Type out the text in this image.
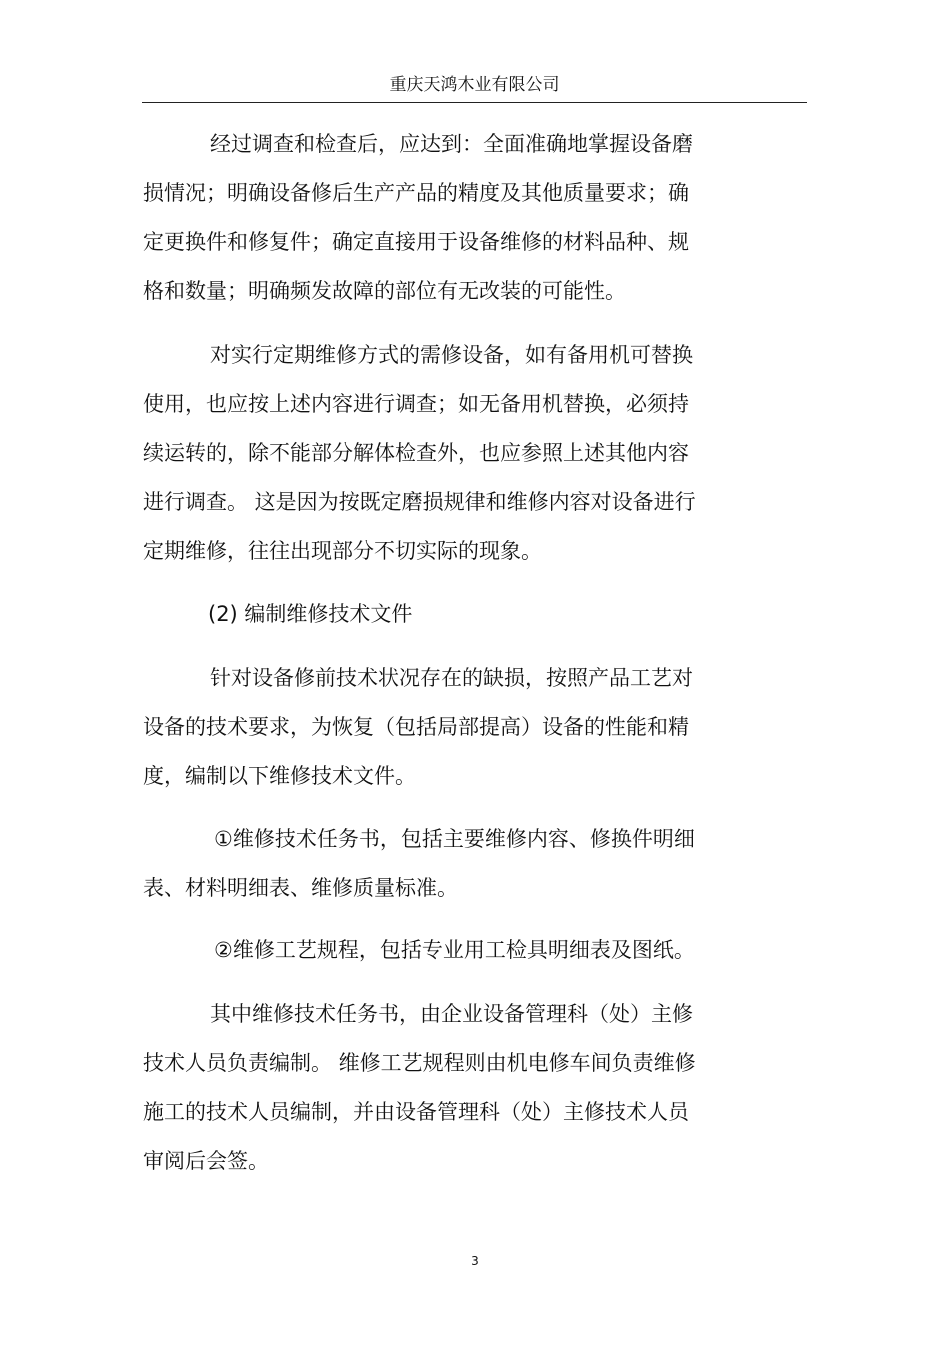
重庆天鸿木业有限公司

经过调查和检查后，应达到：全面准确地掌握设备磨
损情况；明确设备修后生产产品的精度及其他质量要求；确
定更换件和修复件；确定直接用于设备维修的材料品种、规
格和数量；明确频发故障的部位有无改装的可能性。

对实行定期维修方式的需修设备，如有备用机可替换
使用，也应按上述内容进行调查；如无备用机替换，必须持
续运转的，除不能部分解体检查外，也应参照上述其他内容
进行调查。 这是因为按既定磨损规律和维修内容对设备进行
定期维修，往往出现部分不切实际的现象。

(2) 编制维修技术文件

针对设备修前技术状况存在的缺损，按照产品工艺对
设备的技术要求，为恢复（包括局部提高）设备的性能和精
度，编制以下维修技术文件。

①维修技术任务书，包括主要维修内容、修换件明细
表、材料明细表、维修质量标准。

②维修工艺规程，包括专业用工检具明细表及图纸。

其中维修技术任务书，由企业设备管理科（处）主修
技术人员负责编制。 维修工艺规程则由机电修车间负责维修
施工的技术人员编制，并由设备管理科（处）主修技术人员
审阅后会签。

3
